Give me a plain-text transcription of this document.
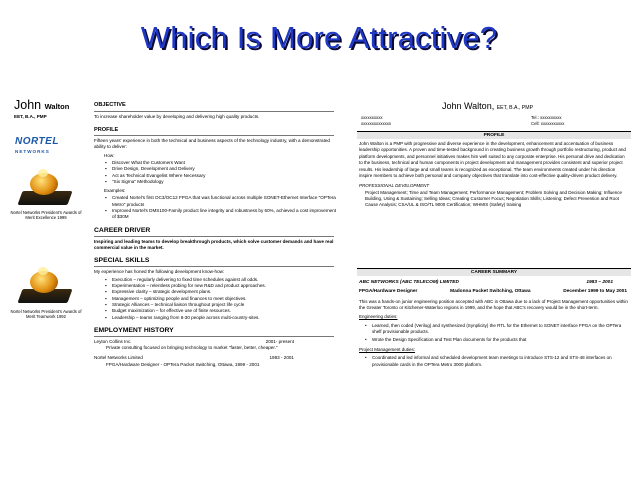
Which Is More Attractive?
John Walton
EET, B.A., PMP
NORTEL
NETWORKS
Nortel Networks President's Awards of Merit Excellence 1999
Nortel Networks President's Awards of Merit Teamwork 1992
OBJECTIVE
To increase shareholder value by developing and delivering high quality products.
PROFILE
Fifteen years' experience in both the technical and business aspects of the technology industry, with a demonstrated ability to deliver:
How:
▪ Discover What the Customers Want
▪ Drive Design, Development and Delivery
▪ Act as Technical Evangelist Where Necessary
▪ "Six Sigma" Methodology
Examples:
▪ Created Nortel's first OC3/OC12 FPGA that was functional across multiple SONET-Ethernet Interface "OPTera Metro" products
▪ Improved Nortel's DMS100-Family product line integrity and robustness by 60%, achieved a cost improvement of $30M
CAREER DRIVER
Inspiring and leading teams to develop breakthrough products, which solve customer demands and have real commercial value in the market.
SPECIAL SKILLS
My experience has honed the following development know-how:
▪ Execution – regularly delivering to fixed time schedules against all odds.
▪ Experimentation – relentless probing for new R&D and product approaches.
▪ Expressive clarity – strategic development plans.
▪ Management – optimizing people and finances to meet objectives.
▪ Strategic Alliances – technical liaison throughout project life cycle
▪ Budget maximization – for effective use of finite resources.
▪ Leadership – teams ranging from 6-30 people across multi-country-sites.
EMPLOYMENT HISTORY
Leyton Collins Inc.	2001- present
Private consulting focused on bringing technology to market "faster, better, cheaper."
Nortel Networks Limited	1983 - 2001
FPGA/Hardware Designer - OPTera Packet Switching, Ottawa, 1999 - 2001
John Walton, EET, B.A., PMP
xxxxxxxxxx
xxxxxxxxxxxxxx
Tel.: xxxxxxxxxx
Cell: xxxxxxxxxxx
PROFILE
John Walton is a PMP with progressive and diverse experience in the development, enhancement and accentuation of business leadership opportunities. A proven and time-tested background in creating business growth through portfolio restructuring, product and platform developments, and personnel initiatives makes him well suited to any corporate enterprise. His personal drive and dedication to the business, technical and human components in project development and management provides consistent and superior project results. His leadership of large and small teams is recognized as exceptional. The team environments created under his direction inspire members to achieve both personal and company objectives that translate into cost-effective quality-driven product delivery.
PROFESSIONAL DEVELOPMENT
Project Management; Time and Team Management; Performance Management; Problem Solving and Decision Making; Influence Building, Using & Sustaining; Selling Ideas; Creating Customer Focus; Negotiation Skills; Listening; Defect Prevention and Root Cause Analysis; CSA/UL & ISO/TL 9000 Certification; WHMIS (Safety) training
CAREER SUMMARY
ABC NETWORKS (ABC TELECOM) LIMITED	1983 – 2001
FPGA/Hardware Designer	Madonna Packet Switching, Ottawa	December 1999 to May 2001
This was a hands-on junior engineering position accepted with ABC in Ottawa due to a lack of Project Management opportunities within the Greater Toronto or Kitchener-Waterloo regions in 1999, and the hope that ABC's recovery would be in the short-term.
Engineering duties:
• Learned, then coded (Verilog) and synthesized (Synplicity) the RTL for the Ethernet to SONET interface FPGA on the OPTera shelf provisionable products.
• Wrote the Design Specification and Test Plan documents for the products that
Project Management duties:
• Coordinated and led informal and scheduled development team meetings to introduce STS-12 and STS-48 interfaces on provisionable cards in the OPTera Metro 3000 platform.
